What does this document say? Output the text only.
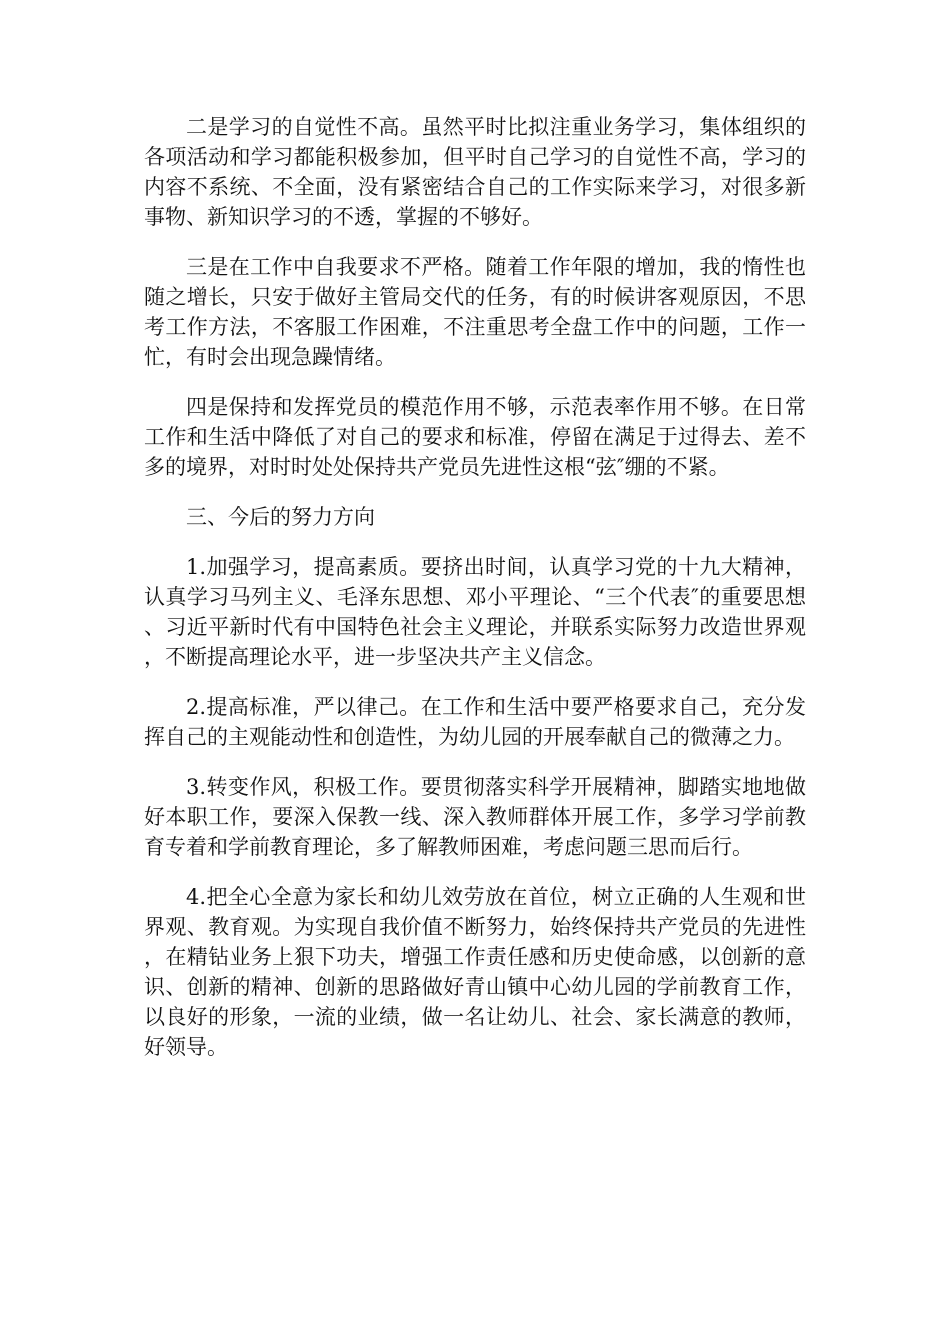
二是学习的自觉性不高。虽然平时比拟注重业务学习，集体组织的各项活动和学习都能积极参加，但平时自己学习的自觉性不高，学习的内容不系统、不全面，没有紧密结合自己的工作实际来学习，对很多新事物、新知识学习的不透，掌握的不够好。

三是在工作中自我要求不严格。随着工作年限的增加，我的惰性也随之增长，只安于做好主管局交代的任务，有的时候讲客观原因，不思考工作方法，不客服工作困难，不注重思考全盘工作中的问题，工作一忙，有时会出现急躁情绪。

四是保持和发挥党员的模范作用不够，示范表率作用不够。在日常工作和生活中降低了对自己的要求和标准，停留在满足于过得去、差不多的境界，对时时处处保持共产党员先进性这根“弦″绷的不紧。

三、今后的努力方向

1.加强学习，提高素质。要挤出时间，认真学习党的十九大精神，认真学习马列主义、毛泽东思想、邓小平理论、“三个代表″的重要思想、习近平新时代有中国特色社会主义理论，并联系实际努力改造世界观，不断提高理论水平，进一步坚决共产主义信念。

2.提高标准，严以律己。在工作和生活中要严格要求自己，充分发挥自己的主观能动性和创造性，为幼儿园的开展奉献自己的微薄之力。

3.转变作风，积极工作。要贯彻落实科学开展精神，脚踏实地地做好本职工作，要深入保教一线、深入教师群体开展工作，多学习学前教育专着和学前教育理论，多了解教师困难，考虑问题三思而后行。

4.把全心全意为家长和幼儿效劳放在首位，树立正确的人生观和世界观、教育观。为实现自我价值不断努力，始终保持共产党员的先进性，在精钻业务上狠下功夫，增强工作责任感和历史使命感，以创新的意识、创新的精神、创新的思路做好青山镇中心幼儿园的学前教育工作，以良好的形象，一流的业绩，做一名让幼儿、社会、家长满意的教师，好领导。
